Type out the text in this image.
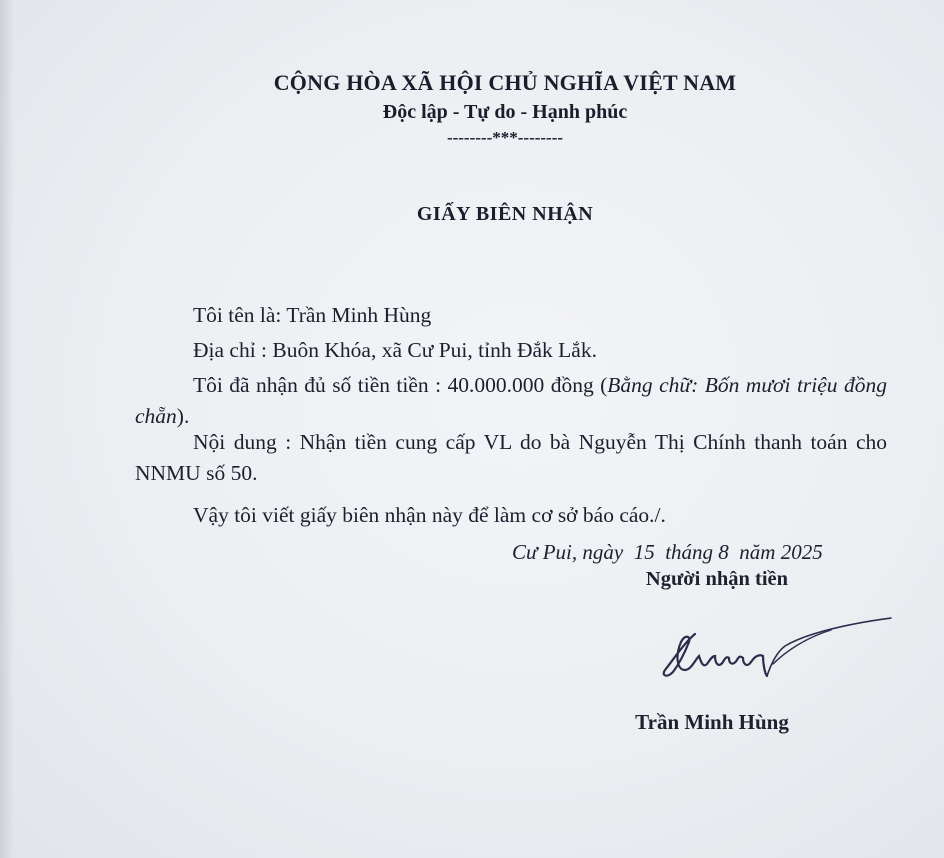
CỘNG HÒA XÃ HỘI CHỦ NGHĨA VIỆT NAM
Độc lập - Tự do - Hạnh phúc
--------***--------
GIẤY BIÊN NHẬN
Tôi tên là: Trần Minh Hùng
Địa chỉ : Buôn Khóa, xã Cư Pui, tỉnh Đắk Lắk.
Tôi đã nhận đủ số tiền tiền : 40.000.000 đồng (Bằng chữ: Bốn mươi triệu đồng chẵn).
Nội dung : Nhận tiền cung cấp VL do bà Nguyễn Thị Chính thanh toán cho NNMU số 50.
Vậy tôi viết giấy biên nhận này để làm cơ sở báo cáo./.
Cư Pui, ngày  15  tháng 8  năm 2025
Người nhận tiền
Trần Minh Hùng
